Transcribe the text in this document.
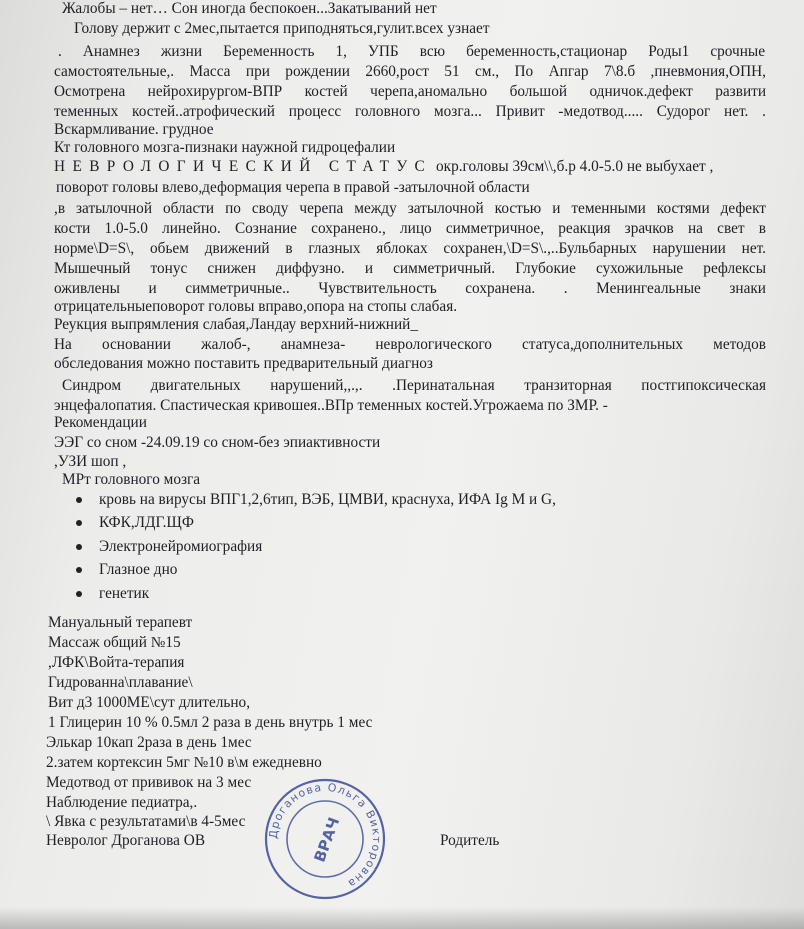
Жалобы – нет… Сон иногда беспокоен...Закатываний нет
Голову держит с 2мес,пытается приподняться,гулит.всех узнает
. Анамнез жизни Беременность 1, УПБ всю беременность,стационар Роды1 срочные
самостоятельные,. Масса при рождении 2660,рост 51 см., По Апгар 7\8.б ,пневмония,ОПН,
Осмотрена нейрохирургом-ВПР костей черепа,аномально большой одничок.дефект развити
теменных костей..атрофический процесс головного мозга... Привит -медотвод..... Судорог нет. .
Вскармливание. грудное
Кт головного мозга-пизнаки наужной гидроцефалии
НЕВРОЛОГИЧЕСКИЙ СТАТУС окр.головы 39см\\,б.р 4.0-5.0 не выбухает ,
поворот головы влево,деформация черепа в правой -затылочной области
,в затылочной области по своду черепа между затылочной костью и теменными костями дефект
кости 1.0-5.0 линейно. Сознание сохранено., лицо симметричное, реакция зрачков на свет в
норме\D=S\, обьем движений в глазных яблоках сохранен,\D=S\.,..Бульбарных нарушении нет.
Мышечный тонус снижен диффузно. и симметричный. Глубокие сухожильные рефлексы
оживлены и симметричные.. Чувствительность сохранена. . Менингеальные знаки
отрицательныеповорот головы вправо,опора на стопы слабая.
Реукция выпрямления слабая,Ландау верхний-нижний_
На основании жалоб-, анамнеза- неврологического статуса,дополнительных методов
обследования можно поставить предварительный диагноз
Синдром двигательных нарушений,,.,. .Перинатальная транзиторная постгипоксическая
энцефалопатия. Спастическая кривошея..ВПр теменных костей.Угрожаема по ЗМР. -
Рекомендации
ЭЭГ со сном -24.09.19 со сном-без эпиактивности
,УЗИ шоп ,
МРт головного мозга
кровь на вирусы ВПГ1,2,6тип, ВЭБ, ЦМВИ, краснуха, ИФА Ig M и G,
КФК,ЛДГ.ЩФ
Электронейромиография
Глазное дно
генетик
Мануальный терапевт
Массаж общий №15
,ЛФК\Войта-терапия
Гидрованна\плавание\
Вит д3 1000МЕ\сут длительно,
1 Глицерин 10 % 0.5мл 2 раза в день внутрь 1 мес
Элькар 10кап 2раза в день 1мес
2.затем кортексин 5мг №10 в\м ежедневно
Медотвод от прививок на 3 мес
Наблюдение педиатра,.
\ Явка с результатами\в 4-5мес
Невролог Дроганова ОВ	Родитель
Дроганова Ольга Викторовна
ВРАЧ
